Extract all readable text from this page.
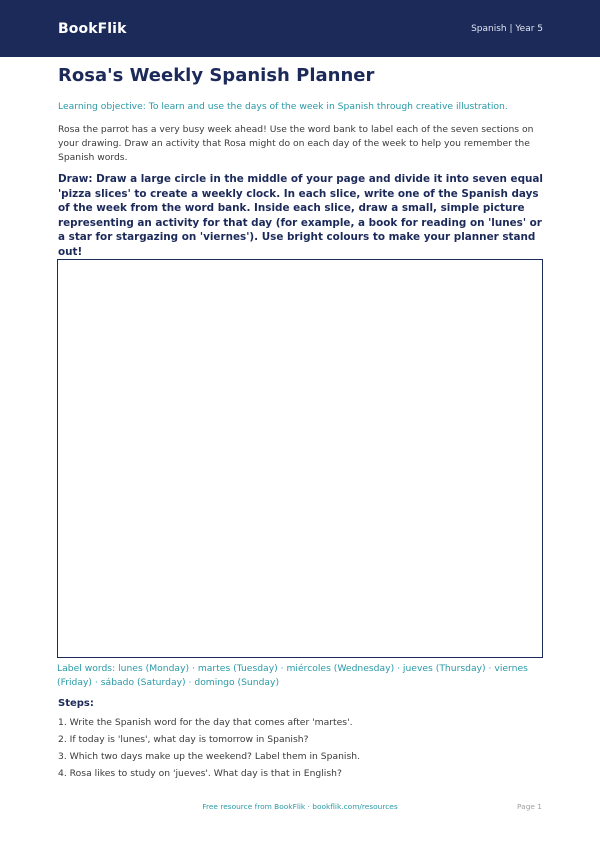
BookFlik	Spanish | Year 5
Rosa's Weekly Spanish Planner

Learning objective: To learn and use the days of the week in Spanish through creative illustration.

Rosa the parrot has a very busy week ahead! Use the word bank to label each of the seven sections on your drawing. Draw an activity that Rosa might do on each day of the week to help you remember the Spanish words.

Draw: Draw a large circle in the middle of your page and divide it into seven equal 'pizza slices' to create a weekly clock. In each slice, write one of the Spanish days of the week from the word bank. Inside each slice, draw a small, simple picture representing an activity for that day (for example, a book for reading on 'lunes' or a star for stargazing on 'viernes'). Use bright colours to make your planner stand out!

Label words: lunes (Monday) · martes (Tuesday) · miércoles (Wednesday) · jueves (Thursday) · viernes (Friday) · sábado (Saturday) · domingo (Sunday)

Steps:
1. Write the Spanish word for the day that comes after 'martes'.
2. If today is 'lunes', what day is tomorrow in Spanish?
3. Which two days make up the weekend? Label them in Spanish.
4. Rosa likes to study on 'jueves'. What day is that in English?
Free resource from BookFlik · bookflik.com/resources	Page 1
